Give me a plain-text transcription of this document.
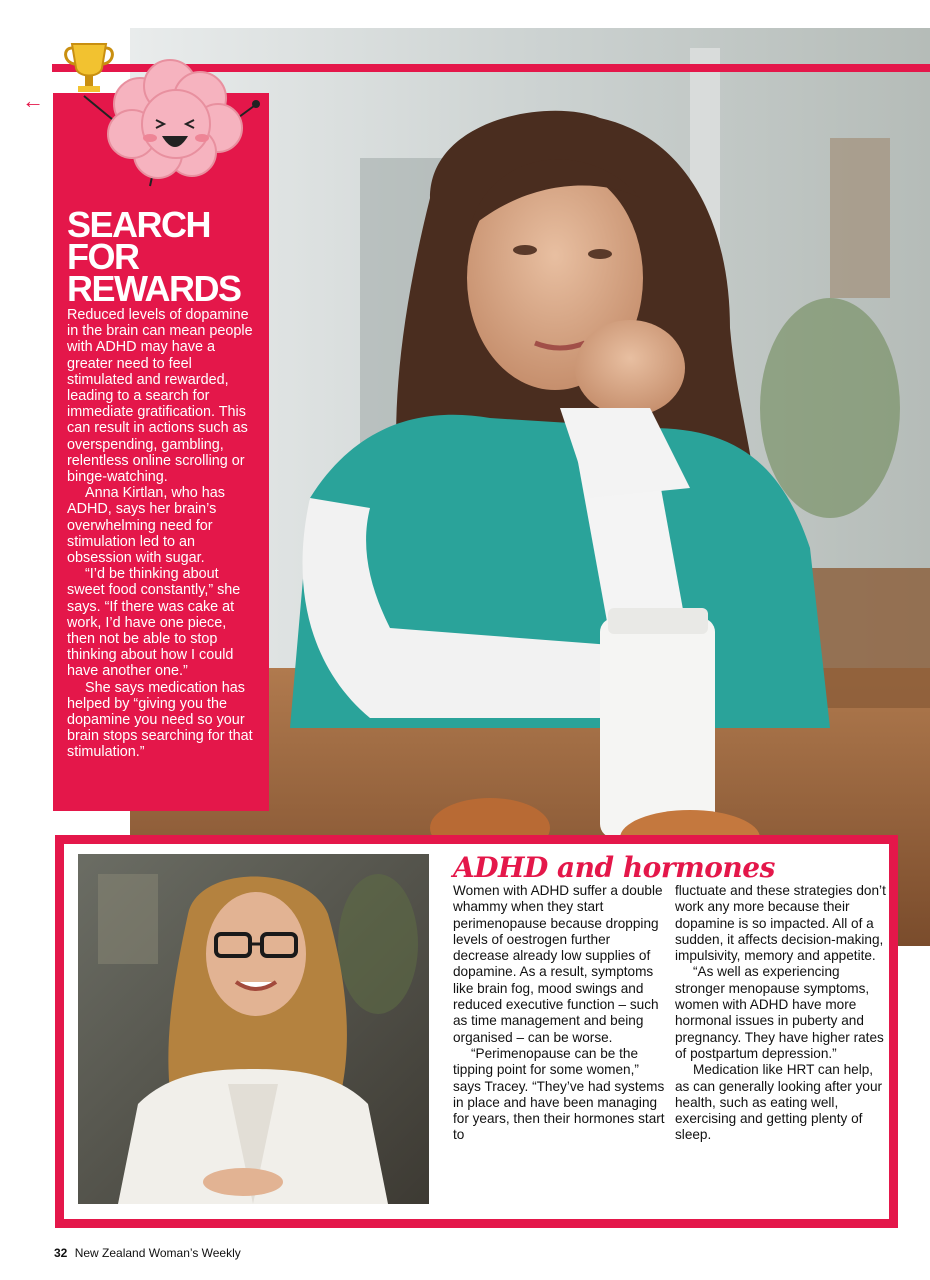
←
SEARCH FOR REWARDS

Reduced levels of dopamine in the brain can mean people with ADHD may have a greater need to feel stimulated and rewarded, leading to a search for immediate gratification. This can result in actions such as overspending, gambling, relentless online scrolling or binge-watching.

Anna Kirtlan, who has ADHD, says her brain’s overwhelming need for stimulation led to an obsession with sugar.

“I’d be thinking about sweet food constantly,” she says. “If there was cake at work, I’d have one piece, then not be able to stop thinking about how I could have another one.”

She says medication has helped by “giving you the dopamine you need so your brain stops searching for that stimulation.”

ADHD and hormones

Women with ADHD suffer a double whammy when they start perimenopause because dropping levels of oestrogen further decrease already low supplies of dopamine. As a result, symptoms like brain fog, mood swings and reduced executive function – such as time management and being organised – can be worse.

“Perimenopause can be the tipping point for some women,” says Tracey. “They’ve had systems in place and have been managing for years, then their hormones start to

fluctuate and these strategies don’t work any more because their dopamine is so impacted. All of a sudden, it affects decision-making, impulsivity, memory and appetite.

“As well as experiencing stronger menopause symptoms, women with ADHD have more hormonal issues in puberty and pregnancy. They have higher rates of postpartum depression.”

Medication like HRT can help, as can generally looking after your health, such as eating well, exercising and getting plenty of sleep.

32 New Zealand Woman’s Weekly
